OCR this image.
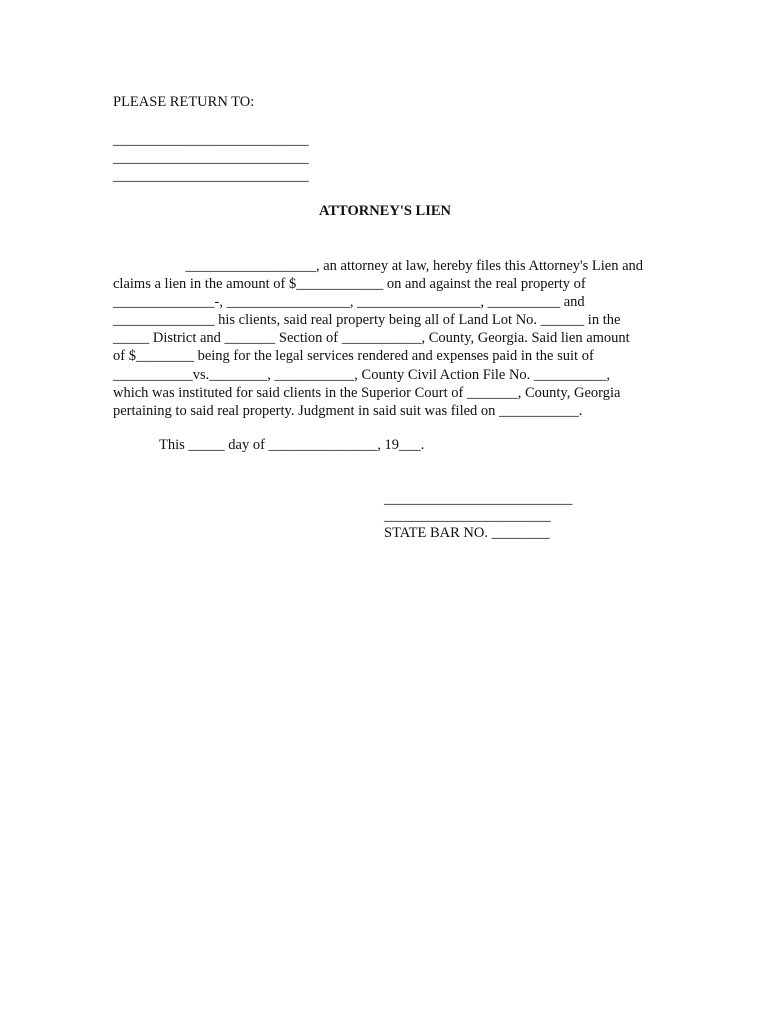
PLEASE RETURN TO:
___________________________
___________________________
___________________________
ATTORNEY'S LIEN
__________________, an attorney at law, hereby files this Attorney's Lien and
claims a lien in the amount of $____________ on and against the real property of
______________-, _________________, _________________, __________ and
______________ his clients, said real property being all of Land Lot No. ______ in the
_____ District and _______ Section of ___________, County, Georgia. Said lien amount
of $________ being for the legal services rendered and expenses paid in the suit of
___________vs.________, ___________, County Civil Action File No. __________,
which was instituted for said clients in the Superior Court of _______, County, Georgia
pertaining to said real property. Judgment in said suit was filed on ___________.
This _____ day of _______________, 19___.
__________________________
_______________________
STATE BAR NO. ________
